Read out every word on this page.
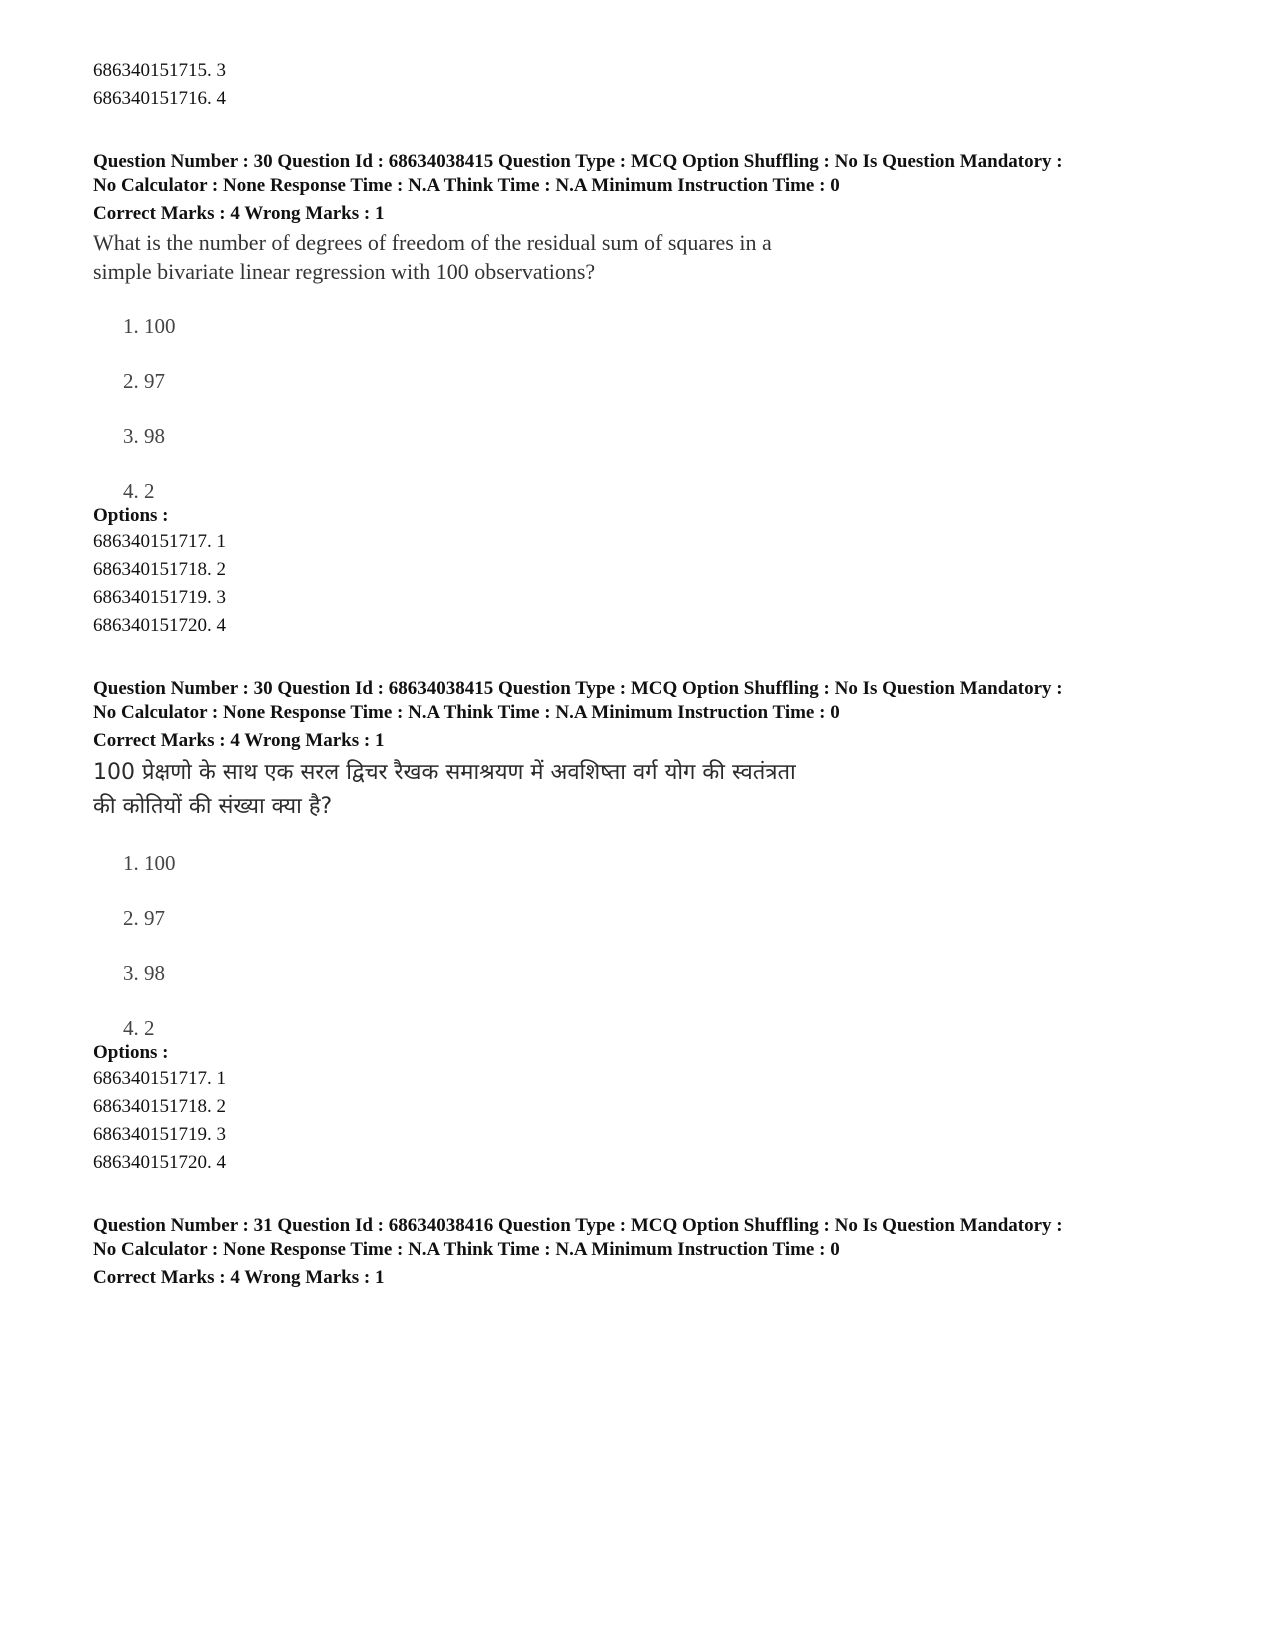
686340151715. 3
686340151716. 4
Question Number : 30 Question Id : 68634038415 Question Type : MCQ Option Shuffling : No Is Question Mandatory :
No Calculator : None Response Time : N.A Think Time : N.A Minimum Instruction Time : 0
Correct Marks : 4 Wrong Marks : 1
What is the number of degrees of freedom of the residual sum of squares in a
simple bivariate linear regression with 100 observations?
1. 100
2. 97
3. 98
4. 2
Options :
686340151717. 1
686340151718. 2
686340151719. 3
686340151720. 4
Question Number : 30 Question Id : 68634038415 Question Type : MCQ Option Shuffling : No Is Question Mandatory :
No Calculator : None Response Time : N.A Think Time : N.A Minimum Instruction Time : 0
Correct Marks : 4 Wrong Marks : 1
100 प्रेक्षणो के साथ एक सरल द्विचर रैखक समाश्रयण में अवशिष्ता वर्ग योग की स्वतंत्रता
की कोतियों की संख्या क्या है?
1. 100
2. 97
3. 98
4. 2
Options :
686340151717. 1
686340151718. 2
686340151719. 3
686340151720. 4
Question Number : 31 Question Id : 68634038416 Question Type : MCQ Option Shuffling : No Is Question Mandatory :
No Calculator : None Response Time : N.A Think Time : N.A Minimum Instruction Time : 0
Correct Marks : 4 Wrong Marks : 1
